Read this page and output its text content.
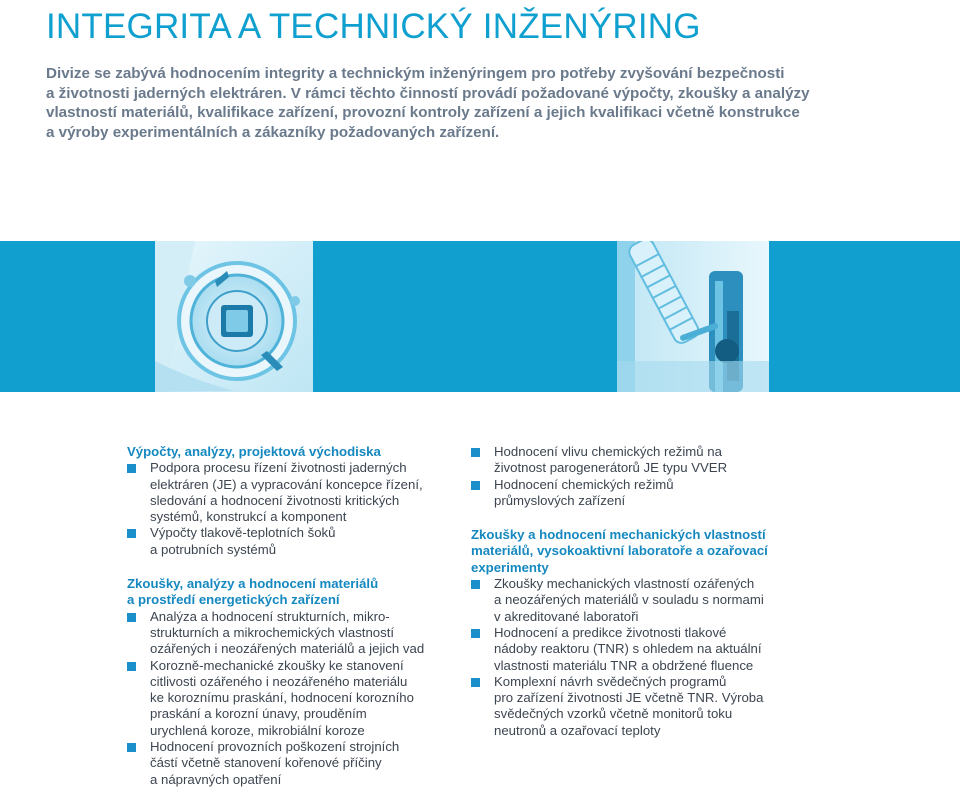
INTEGRITA A TECHNICKÝ INŽENÝRING

Divize se zabývá hodnocením integrity a technickým inženýringem pro potřeby zvyšování bezpečnosti
a životnosti jaderných elektráren. V rámci těchto činností provádí požadované výpočty, zkoušky a analýzy
vlastností materiálů, kvalifikace zařízení, provozní kontroly zařízení a jejich kvalifikaci včetně konstrukce
a výroby experimentálních a zákazníky požadovaných zařízení.

Výpočty, analýzy, projektová východiska
Podpora procesu řízení životnosti jaderných
elektráren (JE) a vypracování koncepce řízení,
sledování a hodnocení životnosti kritických
systémů, konstrukcí a komponent
Výpočty tlakově-teplotních šoků
a potrubních systémů
Zkoušky, analýzy a hodnocení materiálů
a prostředí energetických zařízení
Analýza a hodnocení strukturních, mikro-
strukturních a mikrochemických vlastností
ozářených i neozářených materiálů a jejich vad
Korozně-mechanické zkoušky ke stanovení
citlivosti ozářeného i neozářeného materiálu
ke koroznímu praskání, hodnocení korozního
praskání a korozní únavy, prouděním
urychlená koroze, mikrobiální koroze
Hodnocení provozních poškození strojních
částí včetně stanovení kořenové příčiny
a nápravných opatření
Hodnocení vlivu chemických režimů na
životnost parogenerátorů JE typu VVER
Hodnocení chemických režimů
průmyslových zařízení
Zkoušky a hodnocení mechanických vlastností
materiálů, vysokoaktivní laboratoře a ozařovací
experimenty
Zkoušky mechanických vlastností ozářených
a neozářených materiálů v souladu s normami
v akreditované laboratoři
Hodnocení a predikce životnosti tlakové
nádoby reaktoru (TNR) s ohledem na aktuální
vlastnosti materiálu TNR a obdržené fluence
Komplexní návrh svědečných programů
pro zařízení životnosti JE včetně TNR. Výroba
svědečných vzorků včetně monitorů toku
neutronů a ozařovací teploty
